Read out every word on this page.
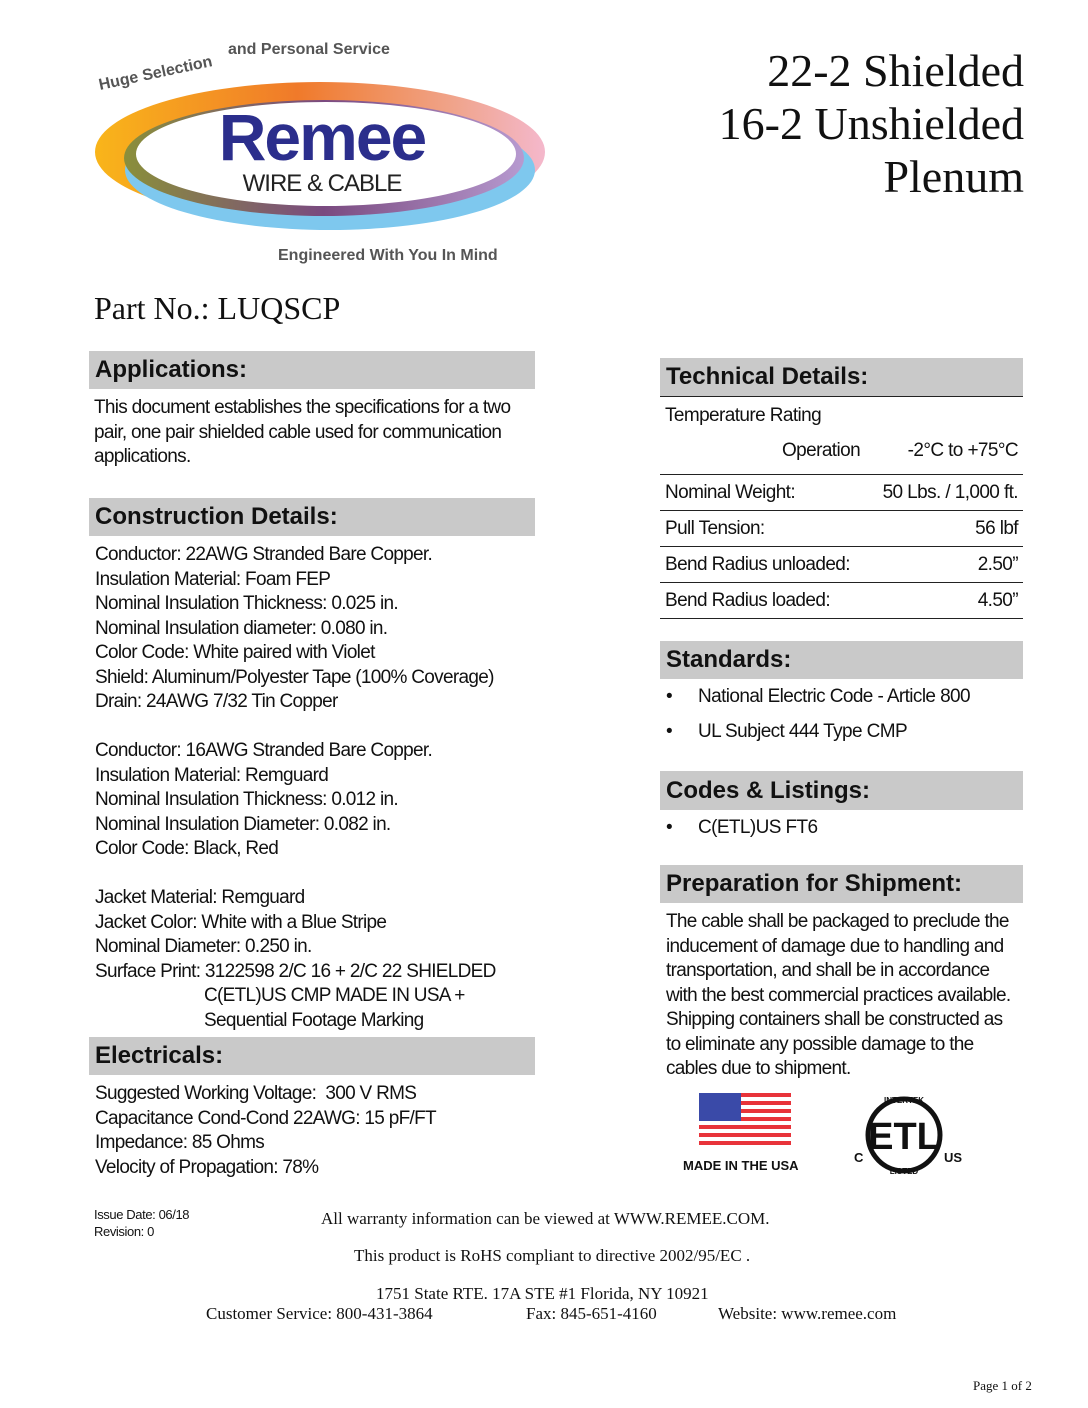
Huge Selection
and Personal Service
Engineered With You In Mind
Remee
WIRE & CABLE
22-2 Shielded
16-2 Unshielded
Plenum
Part No.: LUQSCP
Applications:
This document establishes the specifications for a two
pair, one pair shielded cable used for communication
applications.
Construction Details:
Conductor: 22AWG Stranded Bare Copper.
Insulation Material: Foam FEP
Nominal Insulation Thickness: 0.025 in.
Nominal Insulation diameter: 0.080 in.
Color Code: White paired with Violet
Shield: Aluminum/Polyester Tape (100% Coverage)
Drain: 24AWG 7/32 Tin Copper
Conductor: 16AWG Stranded Bare Copper.
Insulation Material: Remguard
Nominal Insulation Thickness: 0.012 in.
Nominal Insulation Diameter: 0.082 in.
Color Code: Black, Red
Jacket Material: Remguard
Jacket Color: White with a Blue Stripe
Nominal Diameter: 0.250 in.
Surface Print: 3122598 2/C 16 + 2/C 22 SHIELDED
C(ETL)US CMP MADE IN USA +
Sequential Footage Marking
Electricals:
Suggested Working Voltage:  300 V RMS
Capacitance Cond-Cond 22AWG: 15 pF/FT
Impedance: 85 Ohms
Velocity of Propagation: 78%
Technical Details:
Temperature Rating
Operation	-2°C to +75°C
Nominal Weight:	50 Lbs. / 1,000 ft.
Pull Tension:	56 lbf
Bend Radius unloaded:	2.50”
Bend Radius loaded:	4.50”
Standards:
• National Electric Code - Article 800
• UL Subject 444 Type CMP
Codes & Listings:
• C(ETL)US FT6
Preparation for Shipment:
The cable shall be packaged to preclude the
inducement of damage due to handling and
transportation, and shall be in accordance
with the best commercial practices available.
Shipping containers shall be constructed as
to eliminate any possible damage to the
cables due to shipment.
MADE IN THE USA
ETL
INTERTEK
LISTED
C	US
Issue Date: 06/18
Revision: 0
All warranty information can be viewed at WWW.REMEE.COM.
This product is RoHS compliant to directive 2002/95/EC .
1751 State RTE. 17A STE #1 Florida, NY 10921
Customer Service: 800-431-3864	Fax: 845-651-4160	Website: www.remee.com
Page 1 of 2
